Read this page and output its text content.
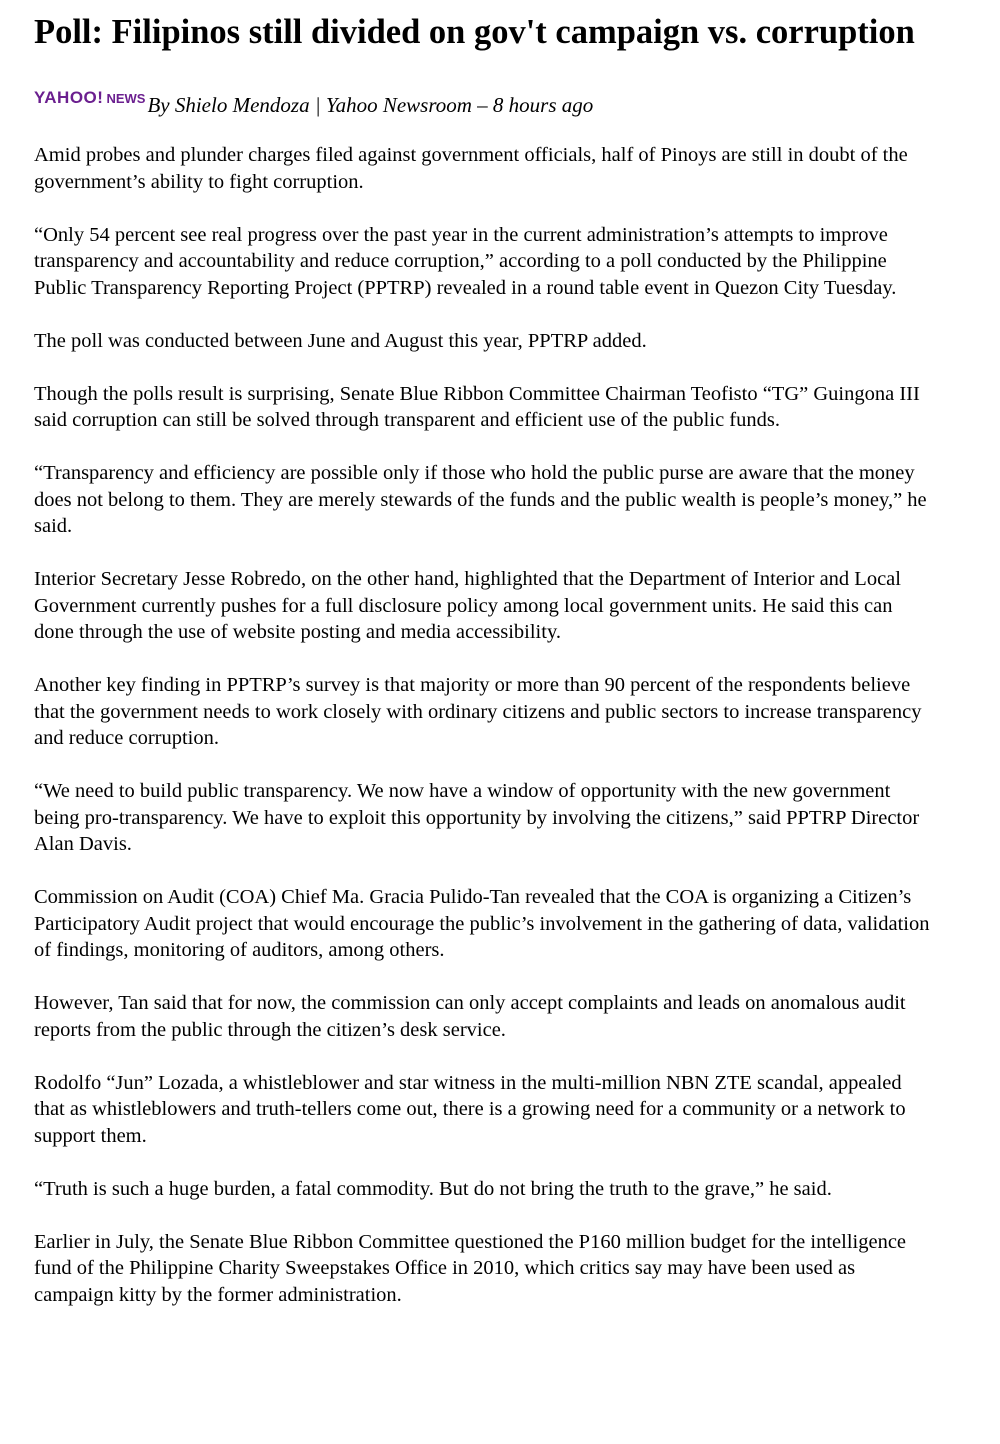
Poll: Filipinos still divided on gov't campaign vs. corruption
YAHOO! NEWS By Shielo Mendoza | Yahoo Newsroom – 8 hours ago

Amid probes and plunder charges filed against government officials, half of Pinoys are still in doubt of the government’s ability to fight corruption.

“Only 54 percent see real progress over the past year in the current administration’s attempts to improve transparency and accountability and reduce corruption,” according to a poll conducted by the Philippine Public Transparency Reporting Project (PPTRP) revealed in a round table event in Quezon City Tuesday.

The poll was conducted between June and August this year, PPTRP added.

Though the polls result is surprising, Senate Blue Ribbon Committee Chairman Teofisto “TG” Guingona III said corruption can still be solved through transparent and efficient use of the public funds.

“Transparency and efficiency are possible only if those who hold the public purse are aware that the money does not belong to them. They are merely stewards of the funds and the public wealth is people’s money,” he said.

Interior Secretary Jesse Robredo, on the other hand, highlighted that the Department of Interior and Local Government currently pushes for a full disclosure policy among local government units. He said this can done through the use of website posting and media accessibility.

Another key finding in PPTRP’s survey is that majority or more than 90 percent of the respondents believe that the government needs to work closely with ordinary citizens and public sectors to increase transparency and reduce corruption.

“We need to build public transparency. We now have a window of opportunity with the new government being pro-transparency. We have to exploit this opportunity by involving the citizens,” said PPTRP Director Alan Davis.

Commission on Audit (COA) Chief Ma. Gracia Pulido-Tan revealed that the COA is organizing a Citizen’s Participatory Audit project that would encourage the public’s involvement in the gathering of data, validation of findings, monitoring of auditors, among others.

However, Tan said that for now, the commission can only accept complaints and leads on anomalous audit reports from the public through the citizen’s desk service.

Rodolfo “Jun” Lozada, a whistleblower and star witness in the multi-million NBN ZTE scandal, appealed that as whistleblowers and truth-tellers come out, there is a growing need for a community or a network to support them.

“Truth is such a huge burden, a fatal commodity. But do not bring the truth to the grave,” he said.

Earlier in July, the Senate Blue Ribbon Committee questioned the P160 million budget for the intelligence fund of the Philippine Charity Sweepstakes Office in 2010, which critics say may have been used as campaign kitty by the former administration.
